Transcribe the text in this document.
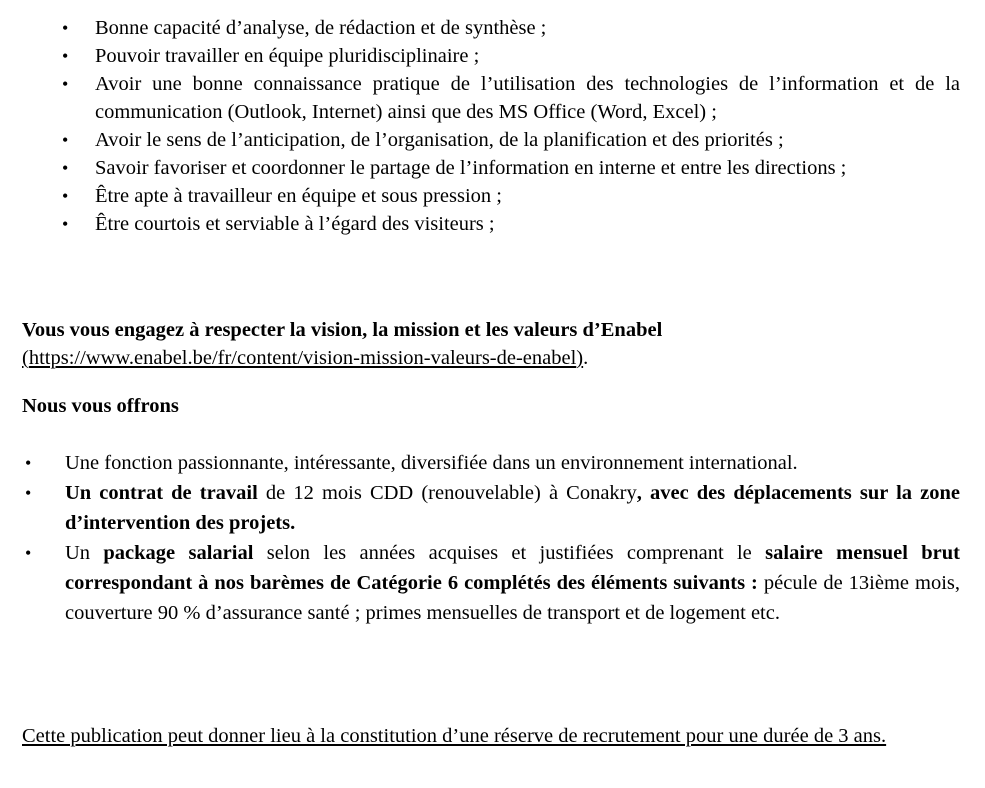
• Bonne capacité d’analyse, de rédaction et de synthèse ;
• Pouvoir travailler en équipe pluridisciplinaire ;
• Avoir une bonne connaissance pratique de l’utilisation des technologies de l’information et de la communication (Outlook, Internet) ainsi que des MS Office (Word, Excel) ;
• Avoir le sens de l’anticipation, de l’organisation, de la planification et des priorités ;
• Savoir favoriser et coordonner le partage de l’information en interne et entre les directions ;
• Être apte à travailleur en équipe et sous pression ;
• Être courtois et serviable à l’égard des visiteurs ;

Vous vous engagez à respecter la vision, la mission et les valeurs d’Enabel
(https://www.enabel.be/fr/content/vision-mission-valeurs-de-enabel).

Nous vous offrons

• Une fonction passionnante, intéressante, diversifiée dans un environnement international.
• Un contrat de travail de 12 mois CDD (renouvelable) à Conakry, avec des déplacements sur la zone d’intervention des projets.
• Un package salarial selon les années acquises et justifiées comprenant le salaire mensuel brut correspondant à nos barèmes de Catégorie 6 complétés des éléments suivants : pécule de 13ième mois, couverture 90 % d’assurance santé ; primes mensuelles de transport et de logement etc.

Cette publication peut donner lieu à la constitution d’une réserve de recrutement pour une durée de 3 ans.
